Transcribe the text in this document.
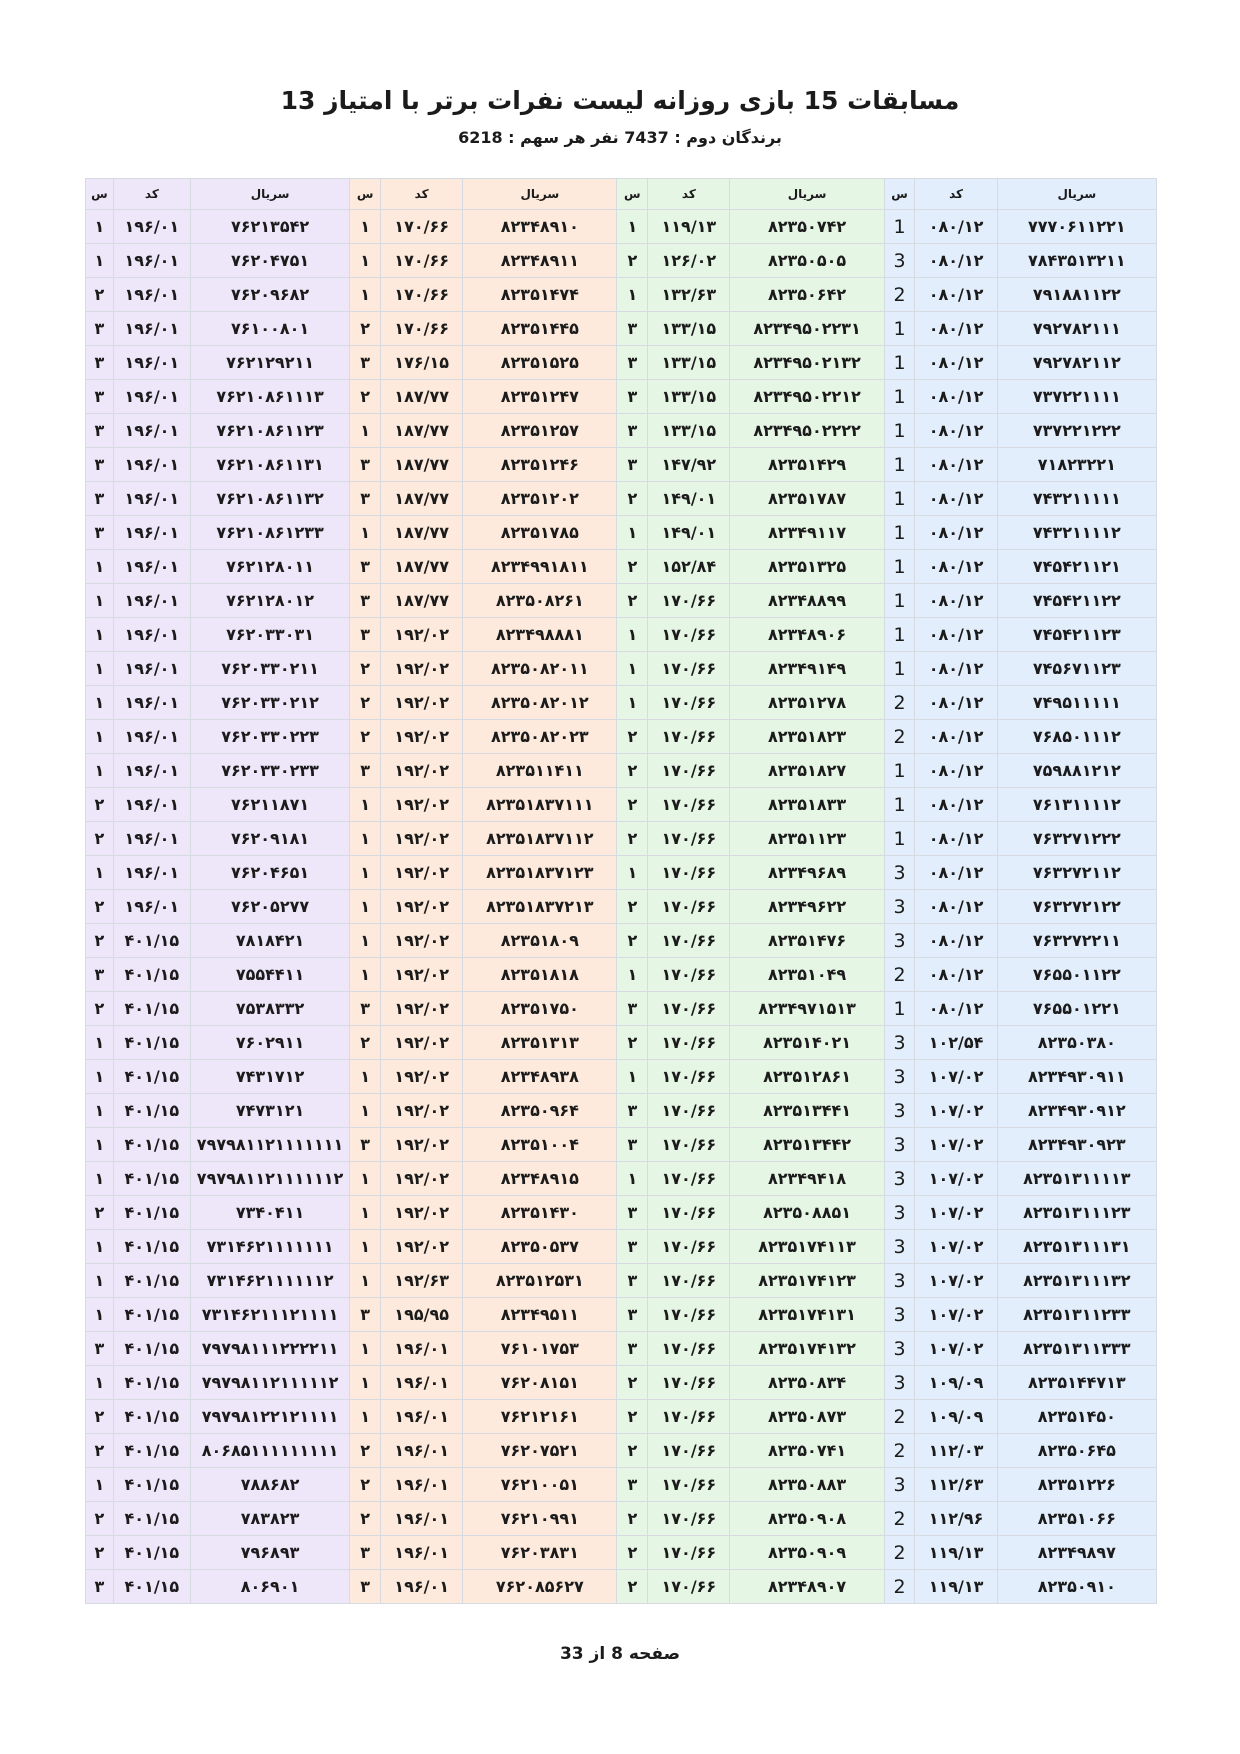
مسابقات 15 بازی روزانه لیست نفرات برتر با امتیاز 13
برندگان دوم : 7437 نفر هر سهم : 6218
سریال	کد	س	سریال	کد	س	سریال	کد	س	سریال	کد	س
۷۷۷۰۶۱۱۲۲۱	۰۸۰/۱۲	1	۸۲۳۵۰۷۴۲	۱۱۹/۱۳	۱	۸۲۳۴۸۹۱۰	۱۷۰/۶۶	۱	۷۶۲۱۳۵۴۲	۱۹۶/۰۱	۱
۷۸۴۳۵۱۳۲۱۱	۰۸۰/۱۲	3	۸۲۳۵۰۵۰۵	۱۲۶/۰۲	۲	۸۲۳۴۸۹۱۱	۱۷۰/۶۶	۱	۷۶۲۰۴۷۵۱	۱۹۶/۰۱	۱
۷۹۱۸۸۱۱۲۲	۰۸۰/۱۲	2	۸۲۳۵۰۶۴۲	۱۳۲/۶۳	۱	۸۲۳۵۱۴۷۴	۱۷۰/۶۶	۱	۷۶۲۰۹۶۸۲	۱۹۶/۰۱	۲
۷۹۲۷۸۲۱۱۱	۰۸۰/۱۲	1	۸۲۳۴۹۵۰۲۲۳۱	۱۳۳/۱۵	۳	۸۲۳۵۱۴۴۵	۱۷۰/۶۶	۲	۷۶۱۰۰۸۰۱	۱۹۶/۰۱	۳
۷۹۲۷۸۲۱۱۲	۰۸۰/۱۲	1	۸۲۳۴۹۵۰۲۱۳۲	۱۳۳/۱۵	۳	۸۲۳۵۱۵۲۵	۱۷۶/۱۵	۳	۷۶۲۱۲۹۲۱۱	۱۹۶/۰۱	۳
۷۳۷۲۲۱۱۱۱	۰۸۰/۱۲	1	۸۲۳۴۹۵۰۲۲۱۲	۱۳۳/۱۵	۳	۸۲۳۵۱۲۴۷	۱۸۷/۷۷	۲	۷۶۲۱۰۸۶۱۱۱۳	۱۹۶/۰۱	۳
۷۳۷۲۲۱۲۲۲	۰۸۰/۱۲	1	۸۲۳۴۹۵۰۲۲۲۲	۱۳۳/۱۵	۳	۸۲۳۵۱۲۵۷	۱۸۷/۷۷	۱	۷۶۲۱۰۸۶۱۱۲۳	۱۹۶/۰۱	۳
۷۱۸۲۳۲۲۱	۰۸۰/۱۲	1	۸۲۳۵۱۴۲۹	۱۴۷/۹۲	۳	۸۲۳۵۱۲۴۶	۱۸۷/۷۷	۳	۷۶۲۱۰۸۶۱۱۳۱	۱۹۶/۰۱	۳
۷۴۳۲۱۱۱۱۱	۰۸۰/۱۲	1	۸۲۳۵۱۷۸۷	۱۴۹/۰۱	۲	۸۲۳۵۱۲۰۲	۱۸۷/۷۷	۳	۷۶۲۱۰۸۶۱۱۳۲	۱۹۶/۰۱	۳
۷۴۳۲۱۱۱۱۲	۰۸۰/۱۲	1	۸۲۳۴۹۱۱۷	۱۴۹/۰۱	۱	۸۲۳۵۱۷۸۵	۱۸۷/۷۷	۱	۷۶۲۱۰۸۶۱۲۳۳	۱۹۶/۰۱	۳
۷۴۵۴۲۱۱۲۱	۰۸۰/۱۲	1	۸۲۳۵۱۳۲۵	۱۵۲/۸۴	۲	۸۲۳۴۹۹۱۸۱۱	۱۸۷/۷۷	۳	۷۶۲۱۲۸۰۱۱	۱۹۶/۰۱	۱
۷۴۵۴۲۱۱۲۲	۰۸۰/۱۲	1	۸۲۳۴۸۸۹۹	۱۷۰/۶۶	۲	۸۲۳۵۰۸۲۶۱	۱۸۷/۷۷	۳	۷۶۲۱۲۸۰۱۲	۱۹۶/۰۱	۱
۷۴۵۴۲۱۱۲۳	۰۸۰/۱۲	1	۸۲۳۴۸۹۰۶	۱۷۰/۶۶	۱	۸۲۳۴۹۸۸۸۱	۱۹۲/۰۲	۳	۷۶۲۰۳۳۰۳۱	۱۹۶/۰۱	۱
۷۴۵۶۷۱۱۲۳	۰۸۰/۱۲	1	۸۲۳۴۹۱۴۹	۱۷۰/۶۶	۱	۸۲۳۵۰۸۲۰۱۱	۱۹۲/۰۲	۲	۷۶۲۰۳۳۰۲۱۱	۱۹۶/۰۱	۱
۷۴۹۵۱۱۱۱۱	۰۸۰/۱۲	2	۸۲۳۵۱۲۷۸	۱۷۰/۶۶	۱	۸۲۳۵۰۸۲۰۱۲	۱۹۲/۰۲	۲	۷۶۲۰۳۳۰۲۱۲	۱۹۶/۰۱	۱
۷۶۸۵۰۱۱۱۲	۰۸۰/۱۲	2	۸۲۳۵۱۸۲۳	۱۷۰/۶۶	۲	۸۲۳۵۰۸۲۰۲۳	۱۹۲/۰۲	۲	۷۶۲۰۳۳۰۲۲۳	۱۹۶/۰۱	۱
۷۵۹۸۸۱۲۱۲	۰۸۰/۱۲	1	۸۲۳۵۱۸۲۷	۱۷۰/۶۶	۲	۸۲۳۵۱۱۴۱۱	۱۹۲/۰۲	۳	۷۶۲۰۳۳۰۲۳۳	۱۹۶/۰۱	۱
۷۶۱۳۱۱۱۱۲	۰۸۰/۱۲	1	۸۲۳۵۱۸۳۳	۱۷۰/۶۶	۲	۸۲۳۵۱۸۳۷۱۱۱	۱۹۲/۰۲	۱	۷۶۲۱۱۸۷۱	۱۹۶/۰۱	۲
۷۶۳۲۷۱۲۲۲	۰۸۰/۱۲	1	۸۲۳۵۱۱۲۳	۱۷۰/۶۶	۲	۸۲۳۵۱۸۳۷۱۱۲	۱۹۲/۰۲	۱	۷۶۲۰۹۱۸۱	۱۹۶/۰۱	۲
۷۶۳۲۷۲۱۱۲	۰۸۰/۱۲	3	۸۲۳۴۹۶۸۹	۱۷۰/۶۶	۱	۸۲۳۵۱۸۳۷۱۲۳	۱۹۲/۰۲	۱	۷۶۲۰۴۶۵۱	۱۹۶/۰۱	۱
۷۶۳۲۷۲۱۲۲	۰۸۰/۱۲	3	۸۲۳۴۹۶۲۲	۱۷۰/۶۶	۲	۸۲۳۵۱۸۳۷۲۱۳	۱۹۲/۰۲	۱	۷۶۲۰۵۲۷۷	۱۹۶/۰۱	۲
۷۶۳۲۷۲۲۱۱	۰۸۰/۱۲	3	۸۲۳۵۱۴۷۶	۱۷۰/۶۶	۲	۸۲۳۵۱۸۰۹	۱۹۲/۰۲	۱	۷۸۱۸۴۲۱	۴۰۱/۱۵	۲
۷۶۵۵۰۱۱۲۲	۰۸۰/۱۲	2	۸۲۳۵۱۰۴۹	۱۷۰/۶۶	۱	۸۲۳۵۱۸۱۸	۱۹۲/۰۲	۱	۷۵۵۴۴۱۱	۴۰۱/۱۵	۳
۷۶۵۵۰۱۲۲۱	۰۸۰/۱۲	1	۸۲۳۴۹۷۱۵۱۳	۱۷۰/۶۶	۳	۸۲۳۵۱۷۵۰	۱۹۲/۰۲	۳	۷۵۳۸۳۳۲	۴۰۱/۱۵	۲
۸۲۳۵۰۳۸۰	۱۰۲/۵۴	3	۸۲۳۵۱۴۰۲۱	۱۷۰/۶۶	۲	۸۲۳۵۱۳۱۳	۱۹۲/۰۲	۲	۷۶۰۲۹۱۱	۴۰۱/۱۵	۱
۸۲۳۴۹۳۰۹۱۱	۱۰۷/۰۲	3	۸۲۳۵۱۲۸۶۱	۱۷۰/۶۶	۱	۸۲۳۴۸۹۳۸	۱۹۲/۰۲	۱	۷۴۳۱۷۱۲	۴۰۱/۱۵	۱
۸۲۳۴۹۳۰۹۱۲	۱۰۷/۰۲	3	۸۲۳۵۱۳۴۴۱	۱۷۰/۶۶	۳	۸۲۳۵۰۹۶۴	۱۹۲/۰۲	۱	۷۴۷۳۱۲۱	۴۰۱/۱۵	۱
۸۲۳۴۹۳۰۹۲۳	۱۰۷/۰۲	3	۸۲۳۵۱۳۴۴۲	۱۷۰/۶۶	۳	۸۲۳۵۱۰۰۴	۱۹۲/۰۲	۳	۷۹۷۹۸۱۱۲۱۱۱۱۱۱۱	۴۰۱/۱۵	۱
۸۲۳۵۱۳۱۱۱۱۳	۱۰۷/۰۲	3	۸۲۳۴۹۴۱۸	۱۷۰/۶۶	۱	۸۲۳۴۸۹۱۵	۱۹۲/۰۲	۱	۷۹۷۹۸۱۱۲۱۱۱۱۱۱۲	۴۰۱/۱۵	۱
۸۲۳۵۱۳۱۱۱۲۳	۱۰۷/۰۲	3	۸۲۳۵۰۸۸۵۱	۱۷۰/۶۶	۳	۸۲۳۵۱۴۳۰	۱۹۲/۰۲	۱	۷۳۴۰۴۱۱	۴۰۱/۱۵	۲
۸۲۳۵۱۳۱۱۱۳۱	۱۰۷/۰۲	3	۸۲۳۵۱۷۴۱۱۳	۱۷۰/۶۶	۳	۸۲۳۵۰۵۳۷	۱۹۲/۰۲	۱	۷۳۱۴۶۲۱۱۱۱۱۱۱	۴۰۱/۱۵	۱
۸۲۳۵۱۳۱۱۱۳۲	۱۰۷/۰۲	3	۸۲۳۵۱۷۴۱۲۳	۱۷۰/۶۶	۳	۸۲۳۵۱۲۵۳۱	۱۹۲/۶۳	۱	۷۳۱۴۶۲۱۱۱۱۱۱۲	۴۰۱/۱۵	۱
۸۲۳۵۱۳۱۱۲۳۳	۱۰۷/۰۲	3	۸۲۳۵۱۷۴۱۳۱	۱۷۰/۶۶	۳	۸۲۳۴۹۵۱۱	۱۹۵/۹۵	۳	۷۳۱۴۶۲۱۱۱۲۱۱۱۱	۴۰۱/۱۵	۱
۸۲۳۵۱۳۱۱۳۳۳	۱۰۷/۰۲	3	۸۲۳۵۱۷۴۱۳۲	۱۷۰/۶۶	۳	۷۶۱۰۱۷۵۳	۱۹۶/۰۱	۱	۷۹۷۹۸۱۱۱۲۲۲۲۱۱	۴۰۱/۱۵	۳
۸۲۳۵۱۴۴۷۱۳	۱۰۹/۰۹	3	۸۲۳۵۰۸۳۴	۱۷۰/۶۶	۲	۷۶۲۰۸۱۵۱	۱۹۶/۰۱	۱	۷۹۷۹۸۱۱۲۱۱۱۱۱۲	۴۰۱/۱۵	۱
۸۲۳۵۱۴۵۰	۱۰۹/۰۹	2	۸۲۳۵۰۸۷۳	۱۷۰/۶۶	۲	۷۶۲۱۲۱۶۱	۱۹۶/۰۱	۱	۷۹۷۹۸۱۲۲۱۲۱۱۱۱	۴۰۱/۱۵	۲
۸۲۳۵۰۶۴۵	۱۱۲/۰۳	2	۸۲۳۵۰۷۴۱	۱۷۰/۶۶	۲	۷۶۲۰۷۵۲۱	۱۹۶/۰۱	۲	۸۰۶۸۵۱۱۱۱۱۱۱۱۱	۴۰۱/۱۵	۲
۸۲۳۵۱۲۲۶	۱۱۲/۶۳	3	۸۲۳۵۰۸۸۳	۱۷۰/۶۶	۳	۷۶۲۱۰۰۵۱	۱۹۶/۰۱	۲	۷۸۸۶۸۲	۴۰۱/۱۵	۱
۸۲۳۵۱۰۶۶	۱۱۲/۹۶	2	۸۲۳۵۰۹۰۸	۱۷۰/۶۶	۲	۷۶۲۱۰۹۹۱	۱۹۶/۰۱	۲	۷۸۳۸۲۳	۴۰۱/۱۵	۲
۸۲۳۴۹۸۹۷	۱۱۹/۱۳	2	۸۲۳۵۰۹۰۹	۱۷۰/۶۶	۲	۷۶۲۰۳۸۳۱	۱۹۶/۰۱	۳	۷۹۶۸۹۳	۴۰۱/۱۵	۲
۸۲۳۵۰۹۱۰	۱۱۹/۱۳	2	۸۲۳۴۸۹۰۷	۱۷۰/۶۶	۲	۷۶۲۰۸۵۶۲۷	۱۹۶/۰۱	۳	۸۰۶۹۰۱	۴۰۱/۱۵	۳
صفحه 8 از 33
